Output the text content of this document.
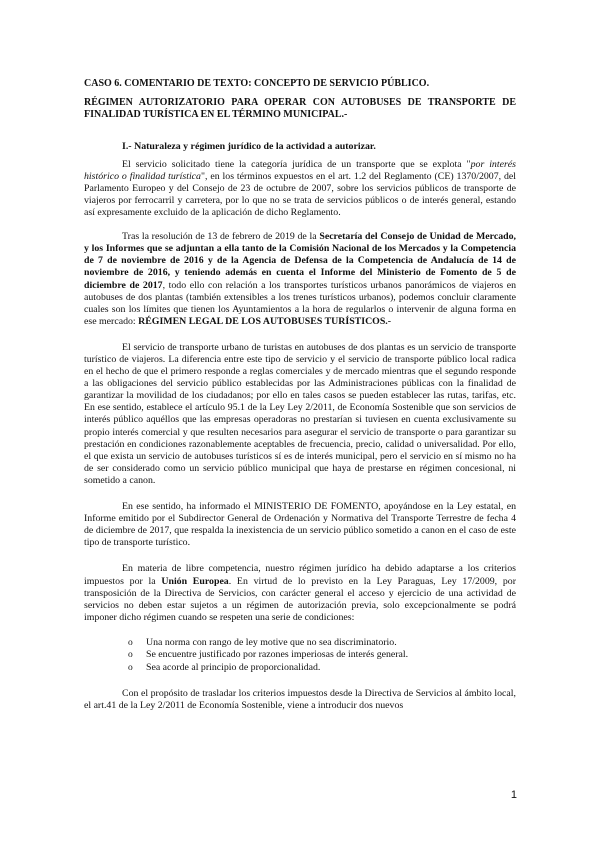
CASO 6. COMENTARIO DE TEXTO: CONCEPTO DE SERVICIO PÚBLICO.

RÉGIMEN AUTORIZATORIO PARA OPERAR CON AUTOBUSES DE TRANSPORTE DE FINALIDAD TURÍSTICA EN EL TÉRMINO MUNICIPAL.-

I.- Naturaleza y régimen jurídico de la actividad a autorizar.

El servicio solicitado tiene la categoría jurídica de un transporte que se explota "por interés histórico o finalidad turística", en los términos expuestos en el art. 1.2 del Reglamento (CE) 1370/2007, del Parlamento Europeo y del Consejo de 23 de octubre de 2007, sobre los servicios públicos de transporte de viajeros por ferrocarril y carretera, por lo que no se trata de servicios públicos o de interés general, estando así expresamente excluido de la aplicación de dicho Reglamento.

Tras la resolución de 13 de febrero de 2019 de la Secretaría del Consejo de Unidad de Mercado, y los Informes que se adjuntan a ella tanto de la Comisión Nacional de los Mercados y la Competencia de 7 de noviembre de 2016 y de la Agencia de Defensa de la Competencia de Andalucía de 14 de noviembre de 2016, y teniendo además en cuenta el Informe del Ministerio de Fomento de 5 de diciembre de 2017, todo ello con relación a los transportes turísticos urbanos panorámicos de viajeros en autobuses de dos plantas (también extensibles a los trenes turísticos urbanos), podemos concluir claramente cuales son los límites que tienen los Ayuntamientos a la hora de regularlos o intervenir de alguna forma en ese mercado: RÉGIMEN LEGAL DE LOS AUTOBUSES TURÍSTICOS.-

El servicio de transporte urbano de turistas en autobuses de dos plantas es un servicio de transporte turístico de viajeros. La diferencia entre este tipo de servicio y el servicio de transporte público local radica en el hecho de que el primero responde a reglas comerciales y de mercado mientras que el segundo responde a las obligaciones del servicio público establecidas por las Administraciones públicas con la finalidad de garantizar la movilidad de los ciudadanos; por ello en tales casos se pueden establecer las rutas, tarifas, etc. En ese sentido, establece el artículo 95.1 de la Ley Ley 2/2011, de Economía Sostenible que son servicios de interés público aquéllos que las empresas operadoras no prestarían si tuviesen en cuenta exclusivamente su propio interés comercial y que resulten necesarios para asegurar el servicio de transporte o para garantizar su prestación en condiciones razonablemente aceptables de frecuencia, precio, calidad o universalidad. Por ello, el que exista un servicio de autobuses turísticos sí es de interés municipal, pero el servicio en sí mismo no ha de ser considerado como un servicio público municipal que haya de prestarse en régimen concesional, ni sometido a canon.

En ese sentido, ha informado el MINISTERIO DE FOMENTO, apoyándose en la Ley estatal, en Informe emitido por el Subdirector General de Ordenación y Normativa del Transporte Terrestre de fecha 4 de diciembre de 2017, que respalda la inexistencia de un servicio público sometido a canon en el caso de este tipo de transporte turístico.

En materia de libre competencia, nuestro régimen jurídico ha debido adaptarse a los criterios impuestos por la Unión Europea. En virtud de lo previsto en la Ley Paraguas, Ley 17/2009, por transposición de la Directiva de Servicios, con carácter general el acceso y ejercicio de una actividad de servicios no deben estar sujetos a un régimen de autorización previa, solo excepcionalmente se podrá imponer dicho régimen cuando se respeten una serie de condiciones:

o Una norma con rango de ley motive que no sea discriminatorio.
o Se encuentre justificado por razones imperiosas de interés general.
o Sea acorde al principio de proporcionalidad.

Con el propósito de trasladar los criterios impuestos desde la Directiva de Servicios al ámbito local, el art.41 de la Ley 2/2011 de Economía Sostenible, viene a introducir dos nuevos

1
